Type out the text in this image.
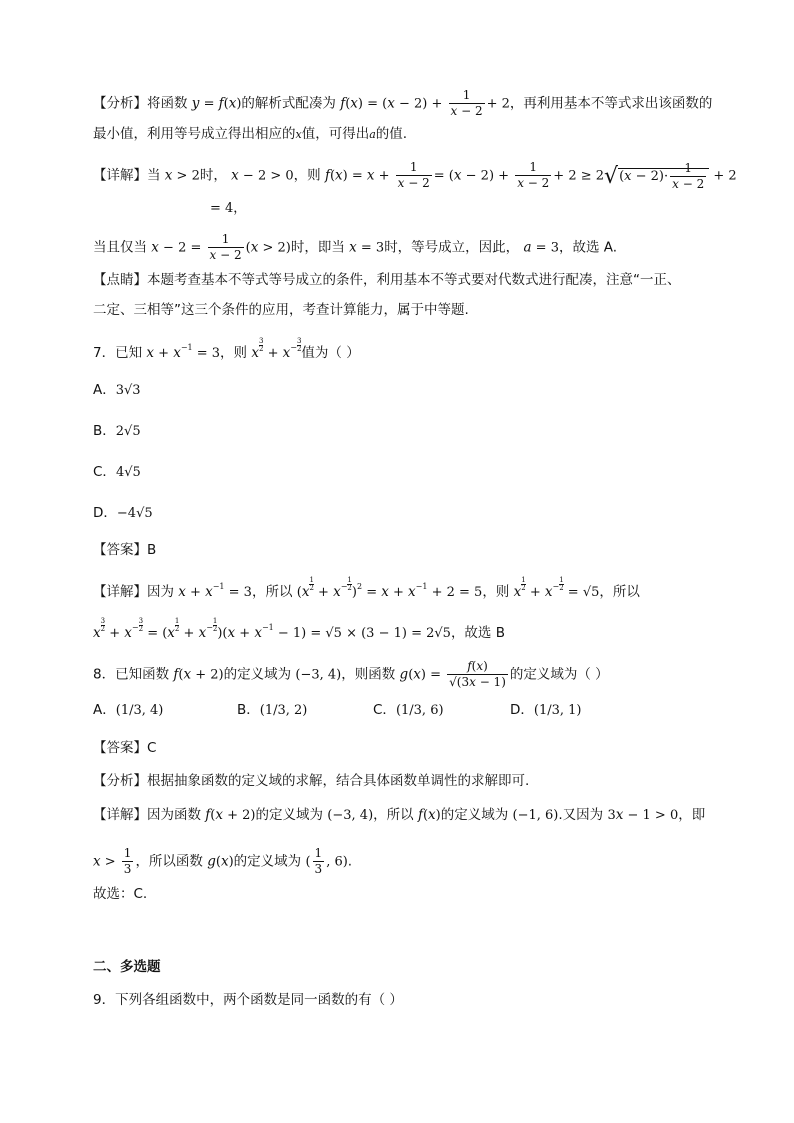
【分析】将函数 y = f(x)的解析式配凑为 $f(x) = (x - 2) + \frac{1}{x - 2} + 2$，再利用基本不等式求出该函数的
最小值，利用等号成立得出相应的x值，可得出a的值.
【详解】当 x > 2时， x − 2 > 0，则 $f(x) = x + \frac{1}{x - 2} = (x - 2) + \frac{1}{x - 2} + 2 \ge 2√(x - 2)\cdot \frac{1}{x - 2} + 2$
= 4，
当且仅当 $x - 2 = \frac{1}{x - 2} (x > 2)$时，即当 x = 3时，等号成立，因此， a = 3，故选 A.
【点睛】本题考查基本不等式等号成立的条件，利用基本不等式要对代数式进行配凑，注意“一正、
二定、三相等”这三个条件的应用，考查计算能力，属于中等题.
7．已知 $x + x^{-1} = 3$，则 x $\frac{3}{2}$
+ $x^- \frac{3}{2}$ 值为（ ）
A．3√3
B．2√5
C．4√5
D．−4√5
【答案】B
【详解】因为 $x + x^{-1} = 3$，所以 ($x \frac{1}{2}$
+ $x^- \frac{1}{2}$
)$^2 = x + x^{-1} + 2 = 5$，则 x $\frac{1}{2}$
+ $x^- \frac{1}{2}$
= √5，所以
x $\frac{3}{2}$
+ $x^- \frac{3}{2}$
= ($x \frac{1}{2}$
+ $x^- \frac{1}{2}$
)$(x + x^{-1} - 1) = √5 \times (3 - 1) = 2√5$，故选 B
8．已知函数 f(x + 2)的定义域为 (−3, 4)，则函数 $g(x) = \frac{f(x)}{√(3x - 1)}$ 的定义域为（ ）
A．(1/3, 4)	B．(1/3, 2)	C．(1/3, 6)	D．(1/3, 1)
【答案】C
【分析】根据抽象函数的定义域的求解，结合具体函数单调性的求解即可.
【详解】因为函数 f(x + 2)的定义域为 (−3, 4)，所以 f(x)的定义域为 (−1, 6).又因为 3x − 1 > 0，即
$x > \frac{1}{3}$ ，所以函数 g(x)的定义域为 ( $\frac{1}{3}$ , 6).
故选：C.
二、多选题
9．下列各组函数中，两个函数是同一函数的有（ ）
